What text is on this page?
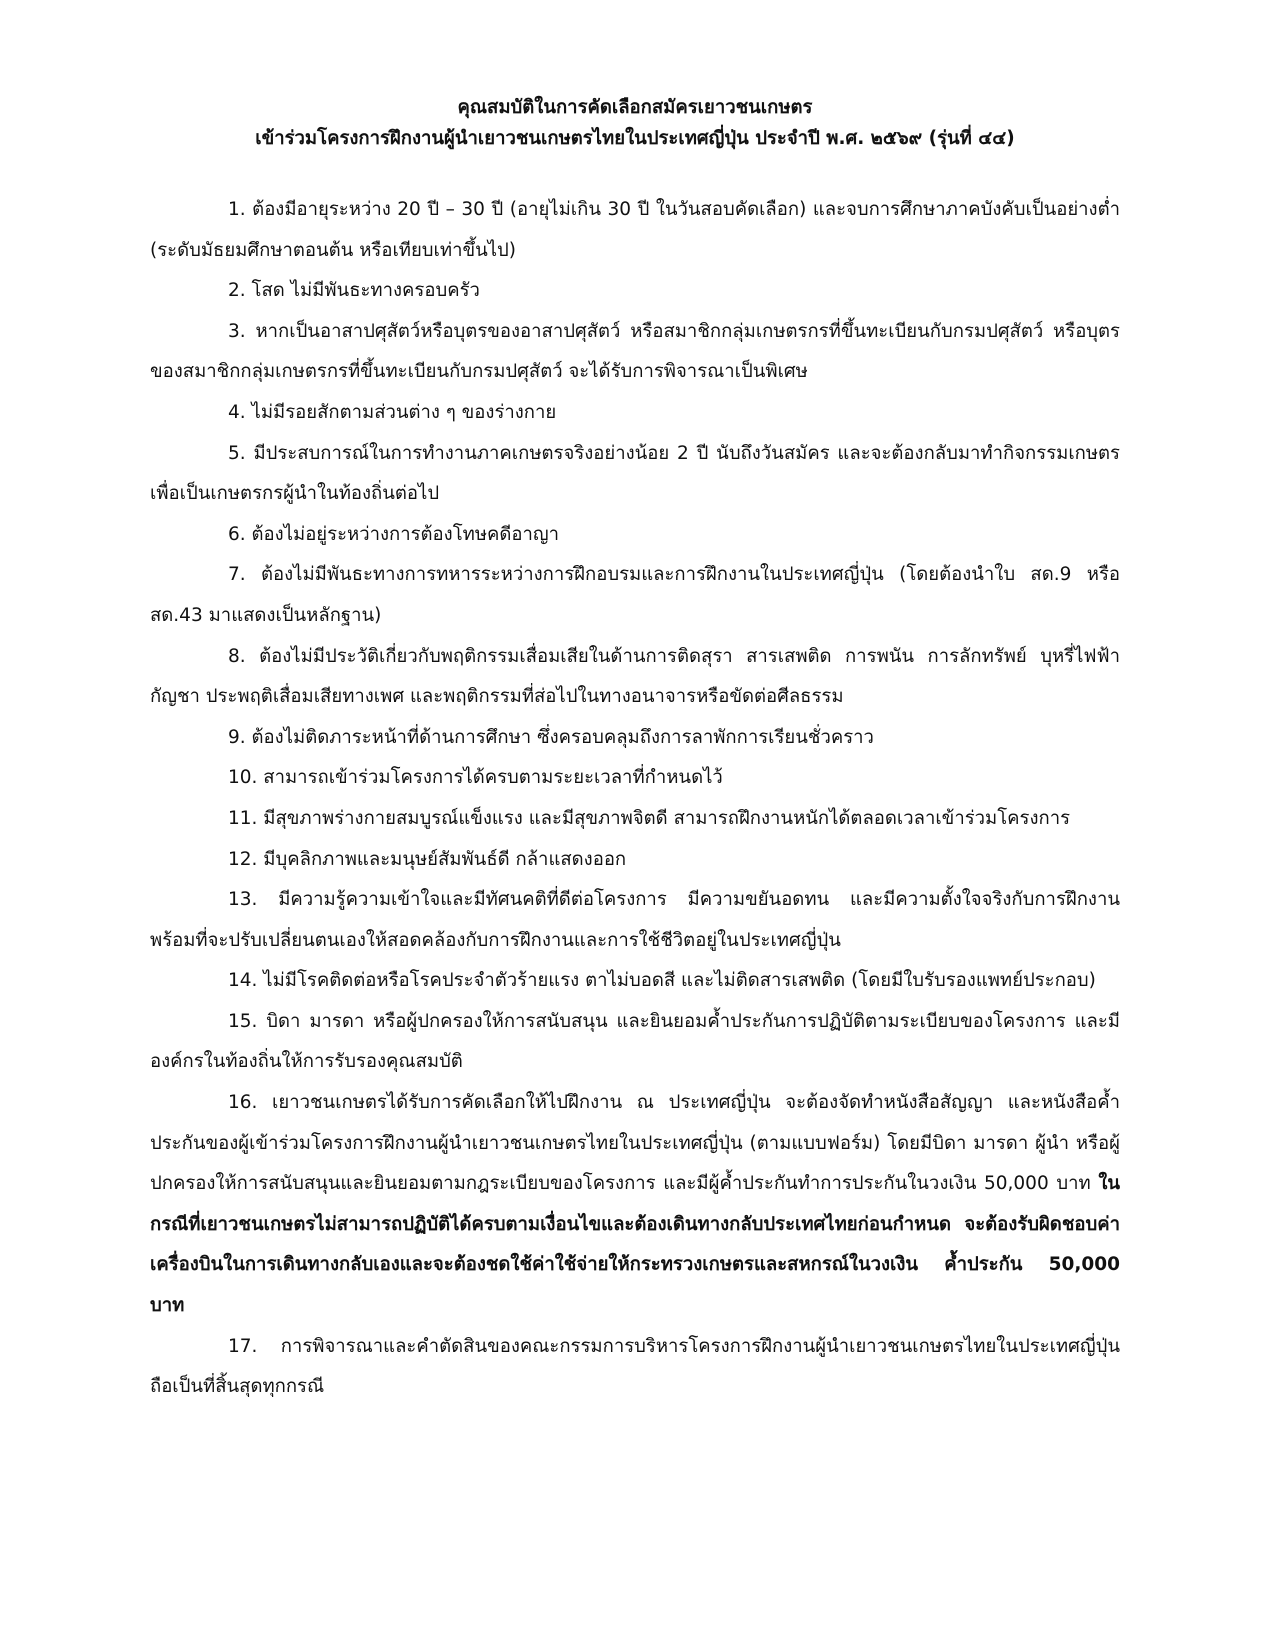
คุณสมบัติในการคัดเลือกสมัครเยาวชนเกษตร

เข้าร่วมโครงการฝึกงานผู้นำเยาวชนเกษตรไทยในประเทศญี่ปุ่น ประจำปี พ.ศ. ๒๕๖๙ (รุ่นที่ ๔๔)

1. ต้องมีอายุระหว่าง 20 ปี – 30 ปี (อายุไม่เกิน 30 ปี ในวันสอบคัดเลือก) และจบการศึกษาภาคบังคับเป็นอย่างต่ำ (ระดับมัธยมศึกษาตอนต้น หรือเทียบเท่าขึ้นไป)

2. โสด ไม่มีพันธะทางครอบครัว

3. หากเป็นอาสาปศุสัตว์หรือบุตรของอาสาปศุสัตว์ หรือสมาชิกกลุ่มเกษตรกรที่ขึ้นทะเบียนกับกรมปศุสัตว์ หรือบุตรของสมาชิกกลุ่มเกษตรกรที่ขึ้นทะเบียนกับกรมปศุสัตว์ จะได้รับการพิจารณาเป็นพิเศษ

4. ไม่มีรอยสักตามส่วนต่าง ๆ ของร่างกาย

5. มีประสบการณ์ในการทำงานภาคเกษตรจริงอย่างน้อย 2 ปี นับถึงวันสมัคร และจะต้องกลับมาทำกิจกรรมเกษตร เพื่อเป็นเกษตรกรผู้นำในท้องถิ่นต่อไป

6. ต้องไม่อยู่ระหว่างการต้องโทษคดีอาญา

7. ต้องไม่มีพันธะทางการทหารระหว่างการฝึกอบรมและการฝึกงานในประเทศญี่ปุ่น (โดยต้องนำใบ สด.9 หรือ สด.43 มาแสดงเป็นหลักฐาน)

8. ต้องไม่มีประวัติเกี่ยวกับพฤติกรรมเสื่อมเสียในด้านการติดสุรา สารเสพติด การพนัน การลักทรัพย์ บุหรี่ไฟฟ้า กัญชา ประพฤติเสื่อมเสียทางเพศ และพฤติกรรมที่ส่อไปในทางอนาจารหรือขัดต่อศีลธรรม

9. ต้องไม่ติดภาระหน้าที่ด้านการศึกษา ซึ่งครอบคลุมถึงการลาพักการเรียนชั่วคราว

10. สามารถเข้าร่วมโครงการได้ครบตามระยะเวลาที่กำหนดไว้

11. มีสุขภาพร่างกายสมบูรณ์แข็งแรง และมีสุขภาพจิตดี สามารถฝึกงานหนักได้ตลอดเวลาเข้าร่วมโครงการ

12. มีบุคลิกภาพและมนุษย์สัมพันธ์ดี กล้าแสดงออก

13. มีความรู้ความเข้าใจและมีทัศนคติที่ดีต่อโครงการ มีความขยันอดทน และมีความตั้งใจจริงกับการฝึกงาน พร้อมที่จะปรับเปลี่ยนตนเองให้สอดคล้องกับการฝึกงานและการใช้ชีวิตอยู่ในประเทศญี่ปุ่น

14. ไม่มีโรคติดต่อหรือโรคประจำตัวร้ายแรง ตาไม่บอดสี และไม่ติดสารเสพติด (โดยมีใบรับรองแพทย์ประกอบ)

15. บิดา มารดา หรือผู้ปกครองให้การสนับสนุน และยินยอมค้ำประกันการปฏิบัติตามระเบียบของโครงการ และมีองค์กรในท้องถิ่นให้การรับรองคุณสมบัติ

16. เยาวชนเกษตรได้รับการคัดเลือกให้ไปฝึกงาน ณ ประเทศญี่ปุ่น จะต้องจัดทำหนังสือสัญญา และหนังสือค้ำประกันของผู้เข้าร่วมโครงการฝึกงานผู้นำเยาวชนเกษตรไทยในประเทศญี่ปุ่น (ตามแบบฟอร์ม) โดยมีบิดา มารดา ผู้นำ หรือผู้ปกครองให้การสนับสนุนและยินยอมตามกฎระเบียบของโครงการ และมีผู้ค้ำประกันทำการประกันในวงเงิน 50,000 บาท ในกรณีที่เยาวชนเกษตรไม่สามารถปฏิบัติได้ครบตามเงื่อนไขและต้องเดินทางกลับประเทศไทยก่อนกำหนด จะต้องรับผิดชอบค่าเครื่องบินในการเดินทางกลับเองและจะต้องชดใช้ค่าใช้จ่ายให้กระทรวงเกษตรและสหกรณ์ในวงเงิน ค้ำประกัน 50,000 บาท

17. การพิจารณาและคำตัดสินของคณะกรรมการบริหารโครงการฝึกงานผู้นำเยาวชนเกษตรไทยในประเทศญี่ปุ่นถือเป็นที่สิ้นสุดทุกกรณี
